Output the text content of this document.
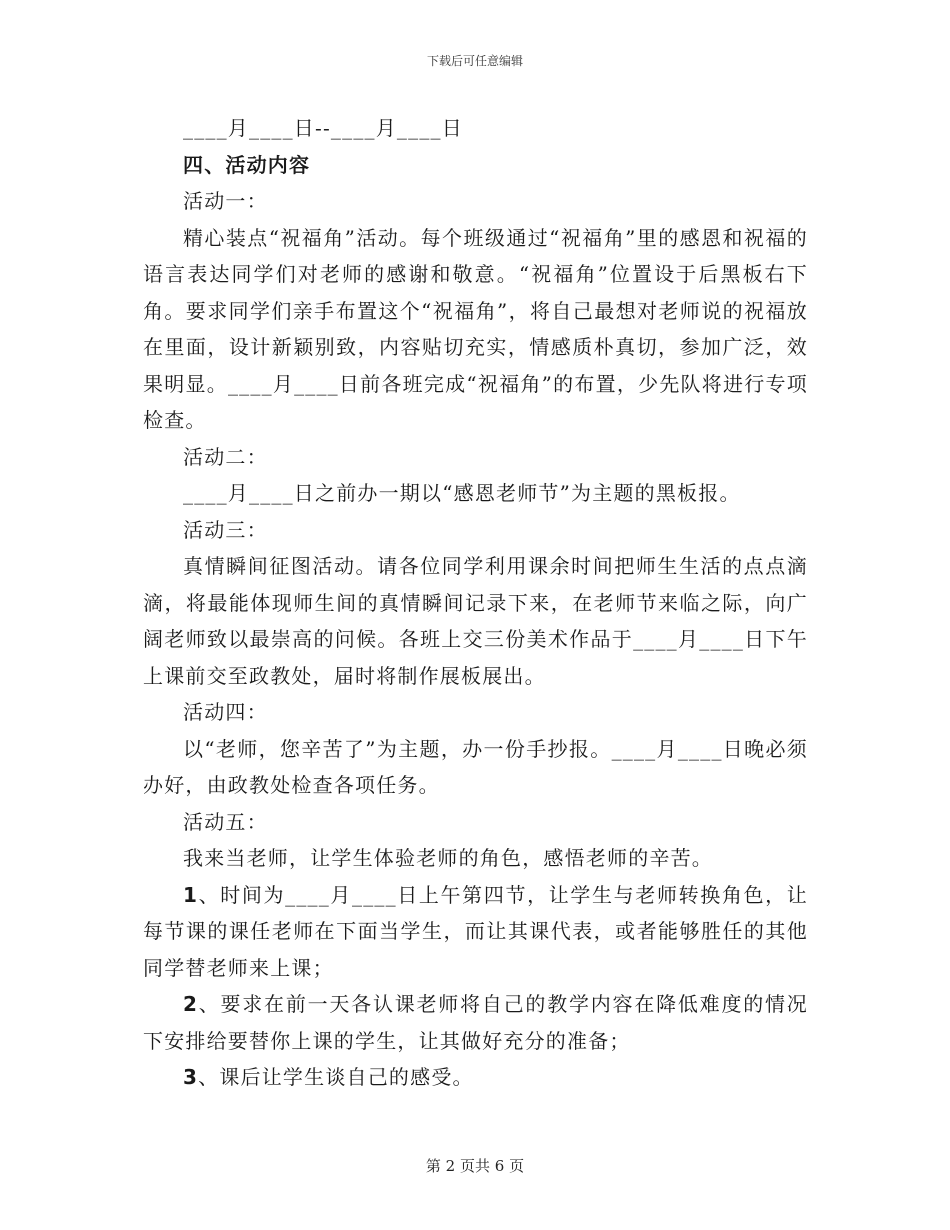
下载后可任意编辑

____月____日--____月____日

四、活动内容

活动一：

精心装点“祝福角”活动。每个班级通过“祝福角”里的感恩和祝福的语言表达同学们对老师的感谢和敬意。“祝福角”位置设于后黑板右下角。要求同学们亲手布置这个“祝福角”，将自己最想对老师说的祝福放在里面，设计新颖别致，内容贴切充实，情感质朴真切，参加广泛，效果明显。____月____日前各班完成“祝福角”的布置，少先队将进行专项检查。

活动二：

____月____日之前办一期以“感恩老师节”为主题的黑板报。

活动三：

真情瞬间征图活动。请各位同学利用课余时间把师生生活的点点滴滴，将最能体现师生间的真情瞬间记录下来，在老师节来临之际，向广阔老师致以最崇高的问候。各班上交三份美术作品于____月____日下午上课前交至政教处，届时将制作展板展出。

活动四：

以“老师，您辛苦了”为主题，办一份手抄报。____月____日晚必须办好，由政教处检查各项任务。

活动五：

我来当老师，让学生体验老师的角色，感悟老师的辛苦。

1、时间为____月____日上午第四节，让学生与老师转换角色，让每节课的课任老师在下面当学生，而让其课代表，或者能够胜任的其他同学替老师来上课；

2、要求在前一天各认课老师将自己的教学内容在降低难度的情况下安排给要替你上课的学生，让其做好充分的准备；

3、课后让学生谈自己的感受。

第 2 页共 6 页
